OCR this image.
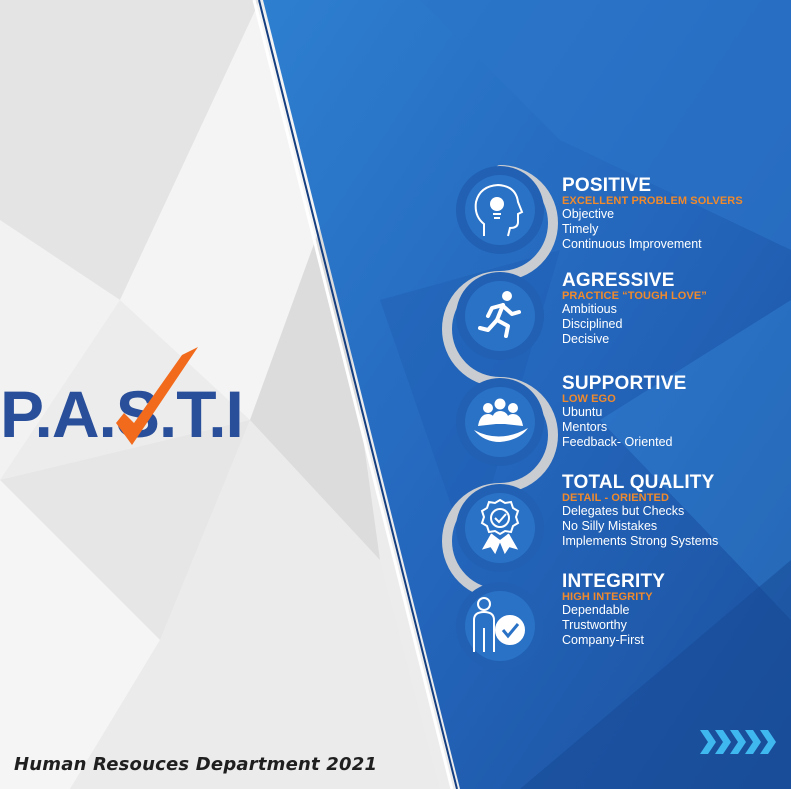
P.A.S.T.I
POSITIVE
EXCELLENT PROBLEM SOLVERS
Objective
Timely
Continuous Improvement
AGRESSIVE
PRACTICE “TOUGH LOVE”
Ambitious
Disciplined
Decisive
SUPPORTIVE
LOW EGO
Ubuntu
Mentors
Feedback- Oriented
TOTAL QUALITY
DETAIL - ORIENTED
Delegates but Checks
No Silly Mistakes
Implements Strong Systems
INTEGRITY
HIGH INTEGRITY
Dependable
Trustworthy
Company-First
Human Resouces Department 2021
